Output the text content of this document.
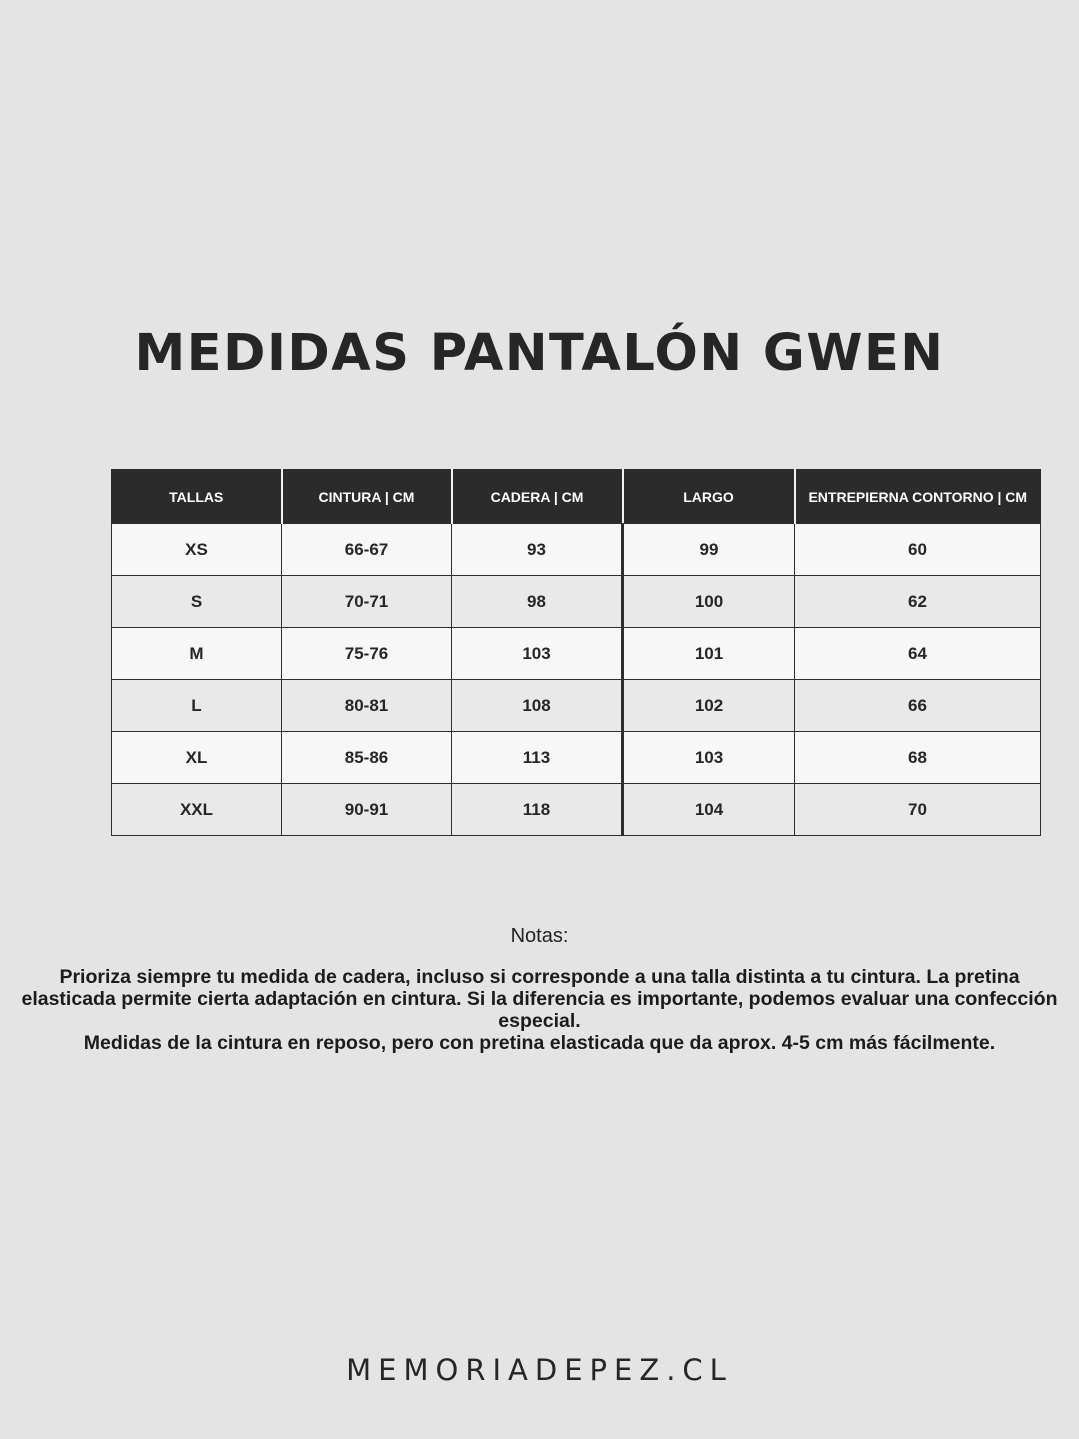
MEDIDAS PANTALÓN GWEN
TALLAS	CINTURA | CM	CADERA | CM	LARGO	ENTREPIERNA CONTORNO | CM
XS	66-67	93	99	60
S	70-71	98	100	62
M	75-76	103	101	64
L	80-81	108	102	66
XL	85-86	113	103	68
XXL	90-91	118	104	70
Notas:

Prioriza siempre tu medida de cadera, incluso si corresponde a una talla distinta a tu cintura. La pretina elasticada permite cierta adaptación en cintura. Si la diferencia es importante, podemos evaluar una confección especial.

Medidas de la cintura en reposo, pero con pretina elasticada que da aprox. 4-5 cm más fácilmente.

MEMORIADEPEZ.CL
